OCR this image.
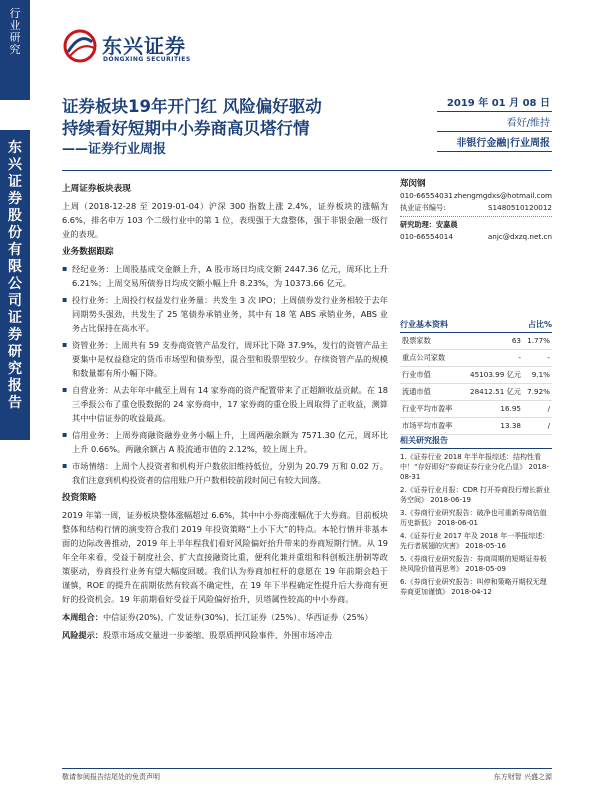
行
业
研
究
东
兴
证
券
股
份
有
限
公
司
证
券
研
究
报
告
东兴证券
DONGXING SECURITIES
证券板块19年开门红 风险偏好驱动
持续看好短期中小券商高贝塔行情
——证券行业周报
2019 年 01 月 08 日
看好/维持
非银行金融|行业周报
上周证券板块表现
上周（2018-12-28 至 2019-01-04）沪深 300 指数上涨 2.4%，证券板块的涨幅为 6.6%，排名申万 103 个二级行业中的第 1 位，表现强于大盘整体，强于非银金融一级行业的表现。
业务数据跟踪
▪ 经纪业务：上周股基成交金额上升，A 股市场日均成交额 2447.36 亿元，周环比上升 6.21%；上周交易所债券日均成交额小幅上升 8.23%，为 10373.66 亿元。
▪ 投行业务：上周投行权益发行业务量：共发生 3 次 IPO；上周债券发行业务相较于去年同期势头强劲，共发生了 25 笔债券承销业务，其中有 18 笔 ABS 承销业务，ABS 业务占比保持在高水平。
▪ 资管业务：上周共有 59 支券商资管产品发行，周环比下降 37.9%，发行的资管产品主要集中是权益稳定的货币市场型和债券型，混合型和股票型较少。存续资管产品的规模和数量都有所小幅下降。
▪ 自营业务：从去年年中截至上周有 14 家券商的资产配置带来了正超额收益贡献。在 18 三季报公布了重仓股数据的 24 家券商中，17 家券商的重仓股上周取得了正收益，测算其中中信证券的收益最高。
▪ 信用业务：上周券商融资融券业务小幅上升，上周两融余额为 7571.30 亿元，周环比上升 0.66%。两融余额占 A 股流通市值的 2.12%，较上周上升。
▪ 市场情绪：上周个人投资者和机构开户数依旧维持低位，分别为 20.79 万和 0.02 万。我们注意到机构投资者的信用账户开户数相较前段时间已有较大回落。
投资策略
2019 年第一周，证券板块整体涨幅超过 6.6%，其中中小券商涨幅优于大券商。目前板块整体和结构行情的演变符合我们 2019 年投资策略“上小下大”的特点。本轮行情并非基本面的边际改善推动，2019 年上半年程我们看好风险偏好抬升带来的券商短期行情。从 19 年全年来看，受益于制度社会、扩大直接融资比重，便利化兼并重组和科创板注册制等政策驱动，券商投行业务有望大幅度回暖。我们认为券商加杠杆的意愿在 19 年前期会趋于谨慎，ROE 的提升在前期依然有较高不确定性，在 19 年下半程确定性提升后大券商有更好的投资机会。19 年前期看好受益于风险偏好抬升，贝塔属性较高的中小券商。
本周组合：中信证券(20%)、广发证券(30%)、长江证券（25%）、华西证券（25%）
风险提示：股票市场成交量进一步萎缩、股票质押风险事件、外围市场冲击
郑闵钢
010-66554031 zhengmgdxs@hotmail.com
执业证书编号:	S1480510120012
研究助理：安嘉晨
010-66554014	anjc@dxzq.net.cn
行业基本资料	占比%
股票家数	63 1.77%
重点公司家数	-	-
行业市值	45103.99 亿元	9.1%
流通市值	28412.51 亿元 7.92%
行业平均市盈率	16.95	/
市场平均市盈率	13.38	/
相关研究报告
1.《证券行业 2018 年半年报综述：结构性看中！“存好即好”券商证券行业分化凸显》 2018-08-31
2.《证券行业月报：CDR 打开券商投行增长新业务空间》 2018-06-19
3.《券商行业研究报告：破净也可重新券商估值历史新低》 2018-06-01
4.《证券行业 2017 年及 2018 年一季报综述：先行者展翅的灾害》 2018-05-16
5.《券商行业研究报告：券商周期的短期证券板块风险价值再思考》 2018-05-09
6.《券商行业研究报告：叫停和策略开期权无理券商更加谨慎》 2018-04-12
敬请参阅报告结尾处的免责声明	东方财智 兴盛之源
